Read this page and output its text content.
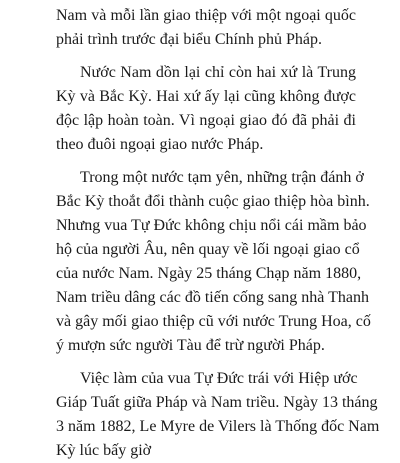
Nam và mỗi lần giao thiệp với một ngoại quốc
phải trình trước đại biểu Chính phủ Pháp.
Nước Nam dồn lại chỉ còn hai xứ là Trung
Kỳ và Bắc Kỳ. Hai xứ ấy lại cũng không được
độc lập hoàn toàn. Vì ngoại giao đó đã phải đi
theo đuôi ngoại giao nước Pháp.
Trong một nước tạm yên, những trận đánh ở
Bắc Kỳ thoắt đổi thành cuộc giao thiệp hòa bình.
Nhưng vua Tự Đức không chịu nổi cái mầm bảo
hộ của người Âu, nên quay về lối ngoại giao cổ
của nước Nam. Ngày 25 tháng Chạp năm 1880,
Nam triều dâng các đồ tiến cống sang nhà Thanh
và gây mối giao thiệp cũ với nước Trung Hoa, cố
ý mượn sức người Tàu để trừ người Pháp.
Việc làm của vua Tự Đức trái với Hiệp ước
Giáp Tuất giữa Pháp và Nam triều. Ngày 13 tháng
3 năm 1882, Le Myre de Vilers là Thống đốc Nam
Kỳ lúc bấy giờ
